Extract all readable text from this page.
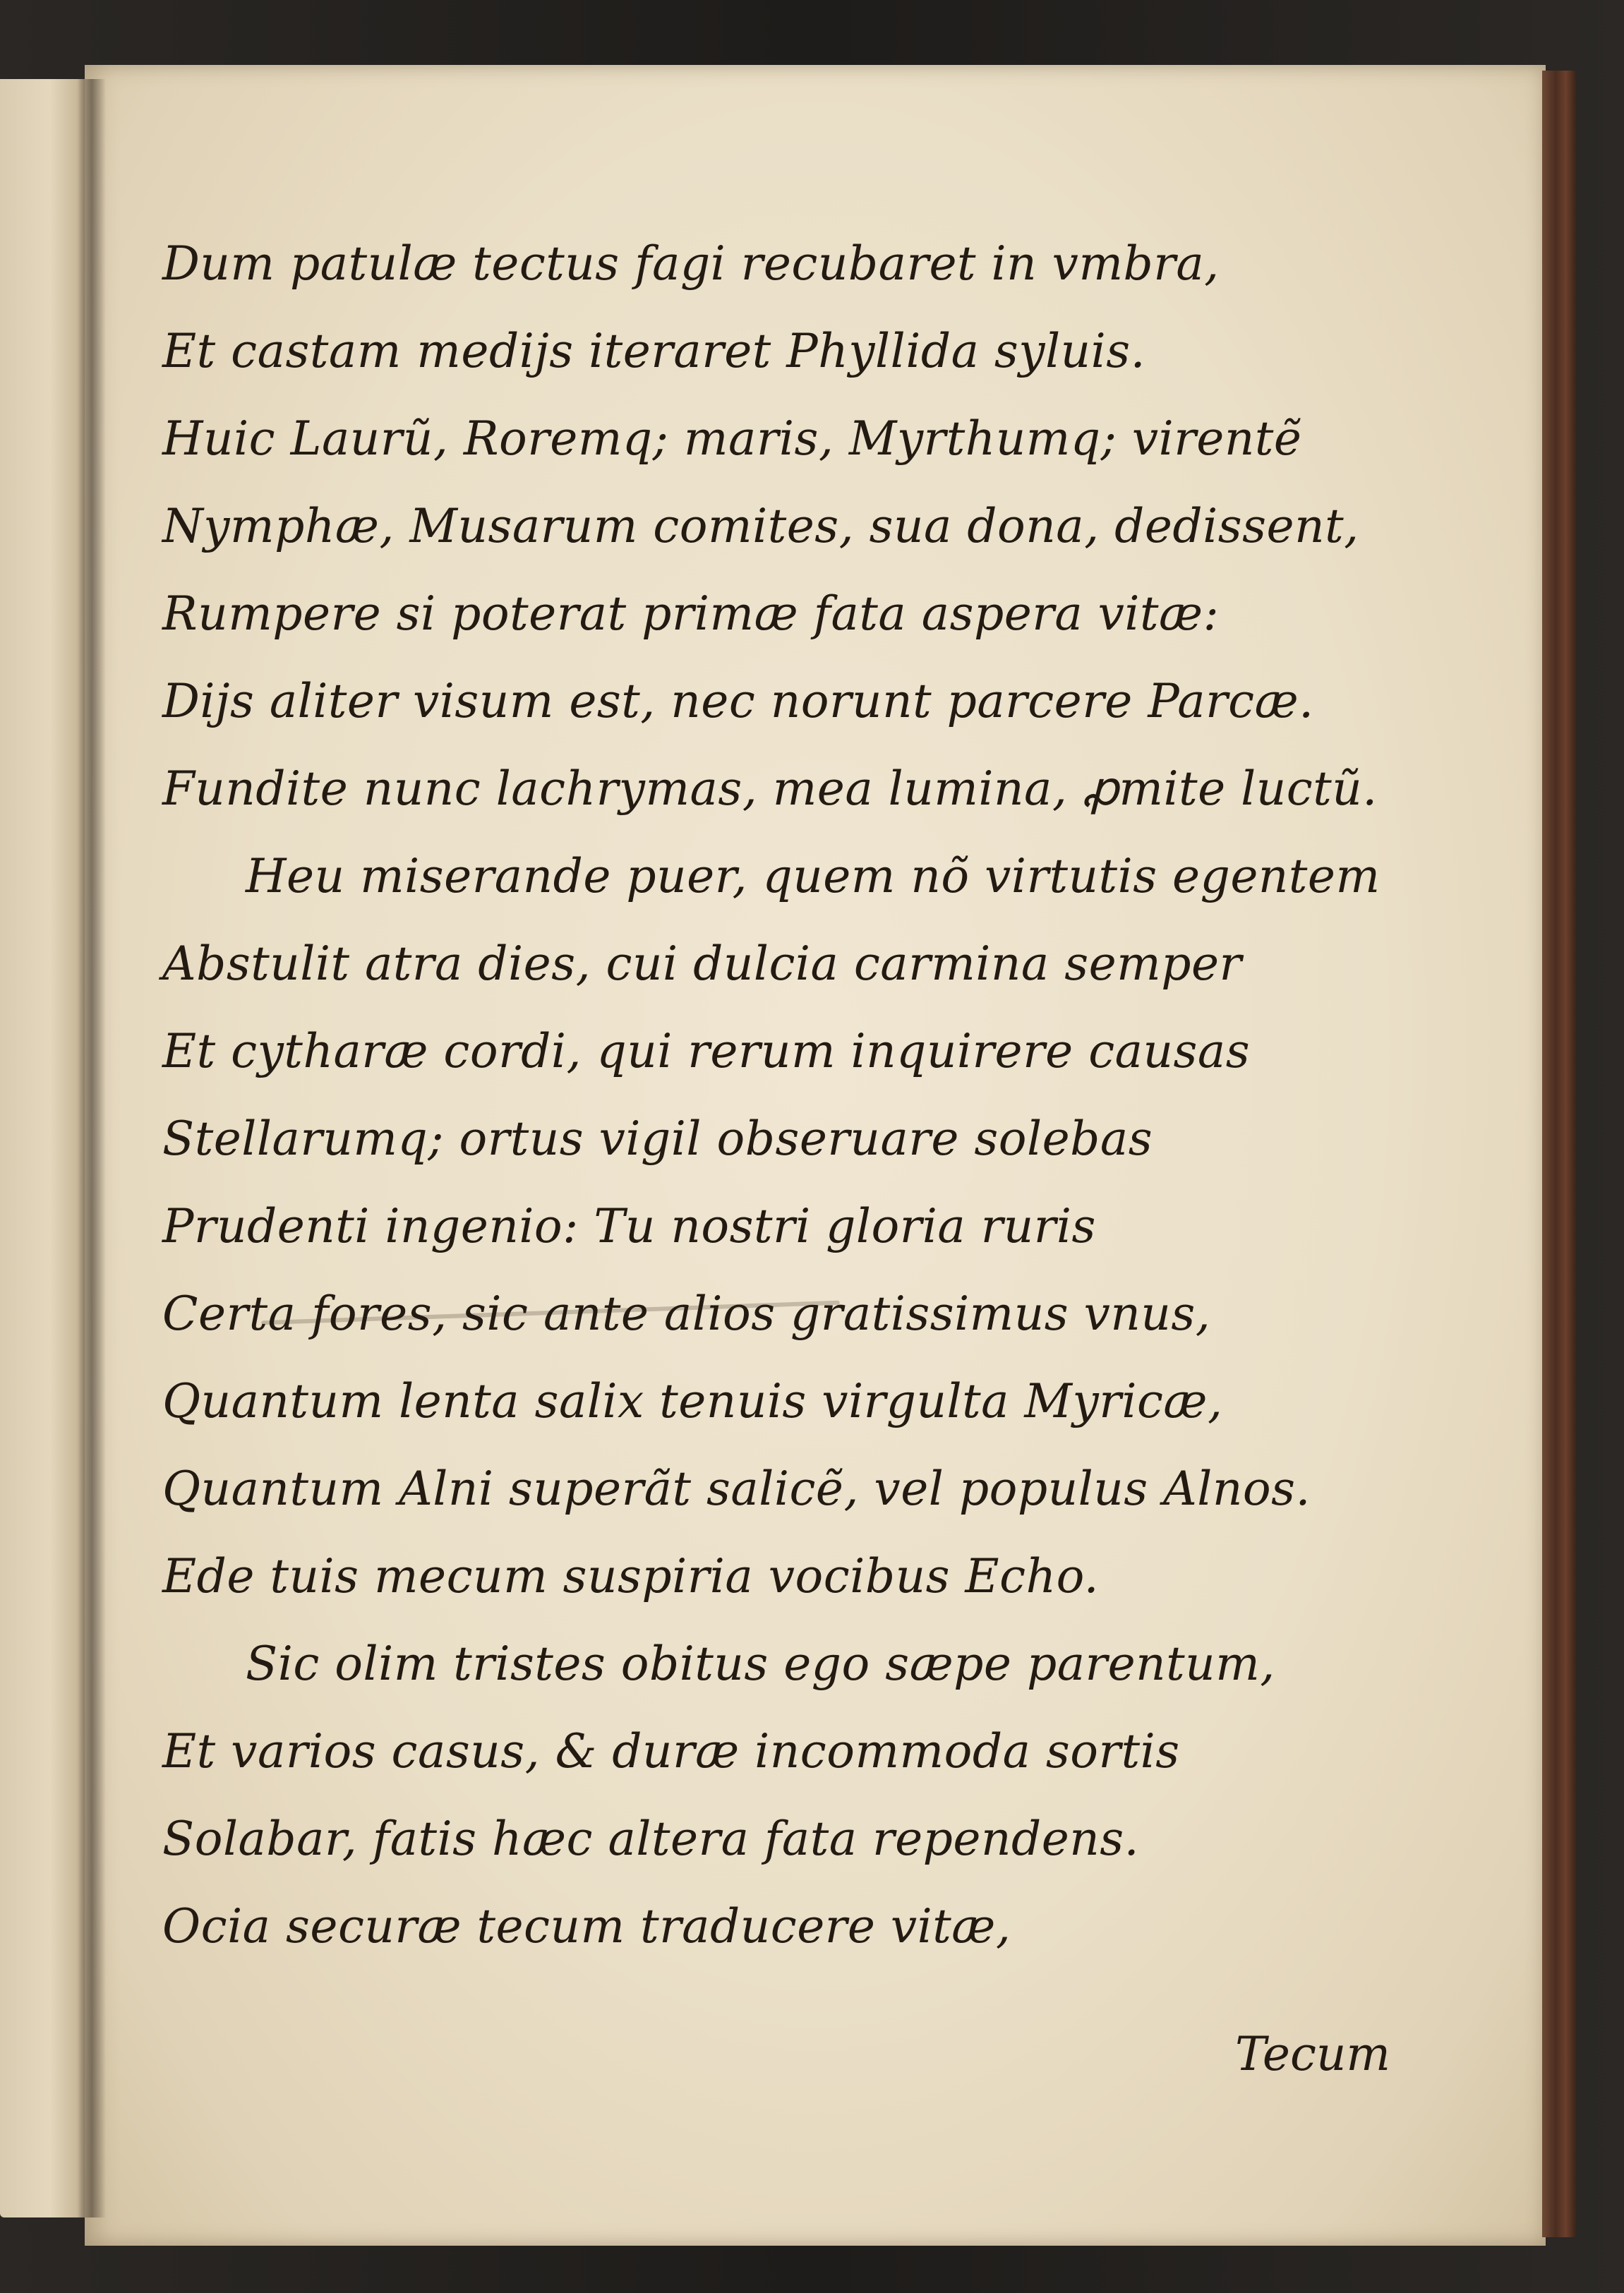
Dum patulæ tectus fagi recubaret in vmbra,
Et castam medijs iteraret Phyllida syluis.
Huic Laurũ, Roremq; maris, Myrthumq; virentẽ
Nymphæ, Musarum comites, sua dona, dedissent,
Rumpere si poterat primæ fata aspera vitæ:
Dijs aliter visum est, nec norunt parcere Parcæ.
Fundite nunc lachrymas, mea lumina, ꝓmite luctũ.
Heu miserande puer, quem nõ virtutis egentem
Abstulit atra dies, cui dulcia carmina semper
Et cytharæ cordi, qui rerum inquirere causas
Stellarumq; ortus vigil obseruare solebas
Prudenti ingenio: Tu nostri gloria ruris
Certa fores, sic ante alios gratissimus vnus,
Quantum lenta salix tenuis virgulta Myricæ,
Quantum Alni superãt salicẽ, vel populus Alnos.
Ede tuis mecum suspiria vocibus Echo.
Sic olim tristes obitus ego sæpe parentum,
Et varios casus, & duræ incommoda sortis
Solabar, fatis hæc altera fata rependens.
Ocia securæ tecum traducere vitæ,
Tecum
